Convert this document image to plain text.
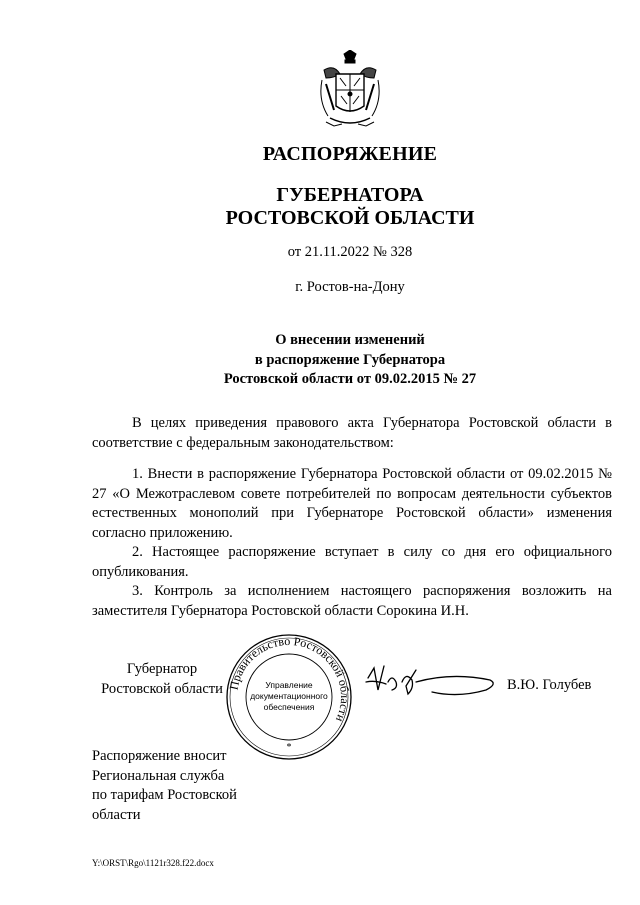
РАСПОРЯЖЕНИЕ
ГУБЕРНАТОРА
РОСТОВСКОЙ ОБЛАСТИ
от 21.11.2022 № 328
г. Ростов-на-Дону
О внесении изменений
в распоряжение Губернатора
Ростовской области от 09.02.2015 № 27

В целях приведения правового акта Губернатора Ростовской области в соответствие с федеральным законодательством:

1. Внести в распоряжение Губернатора Ростовской области от 09.02.2015 № 27 «О Межотраслевом совете потребителей по вопросам деятельности субъектов естественных монополий при Губернаторе Ростовской области» изменения согласно приложению.

2. Настоящее распоряжение вступает в силу со дня его официального опубликования.

3. Контроль за исполнением настоящего распоряжения возложить на заместителя Губернатора Ростовской области Сорокина И.Н.

Губернатор
Ростовской области Правительство Ростовской области
Управление
документационного
обеспечения
*
В.Ю. Голубев
Распоряжение вносит
Региональная служба
по тарифам Ростовской
области
Y:\ORST\Rgo\1121r328.f22.docx
